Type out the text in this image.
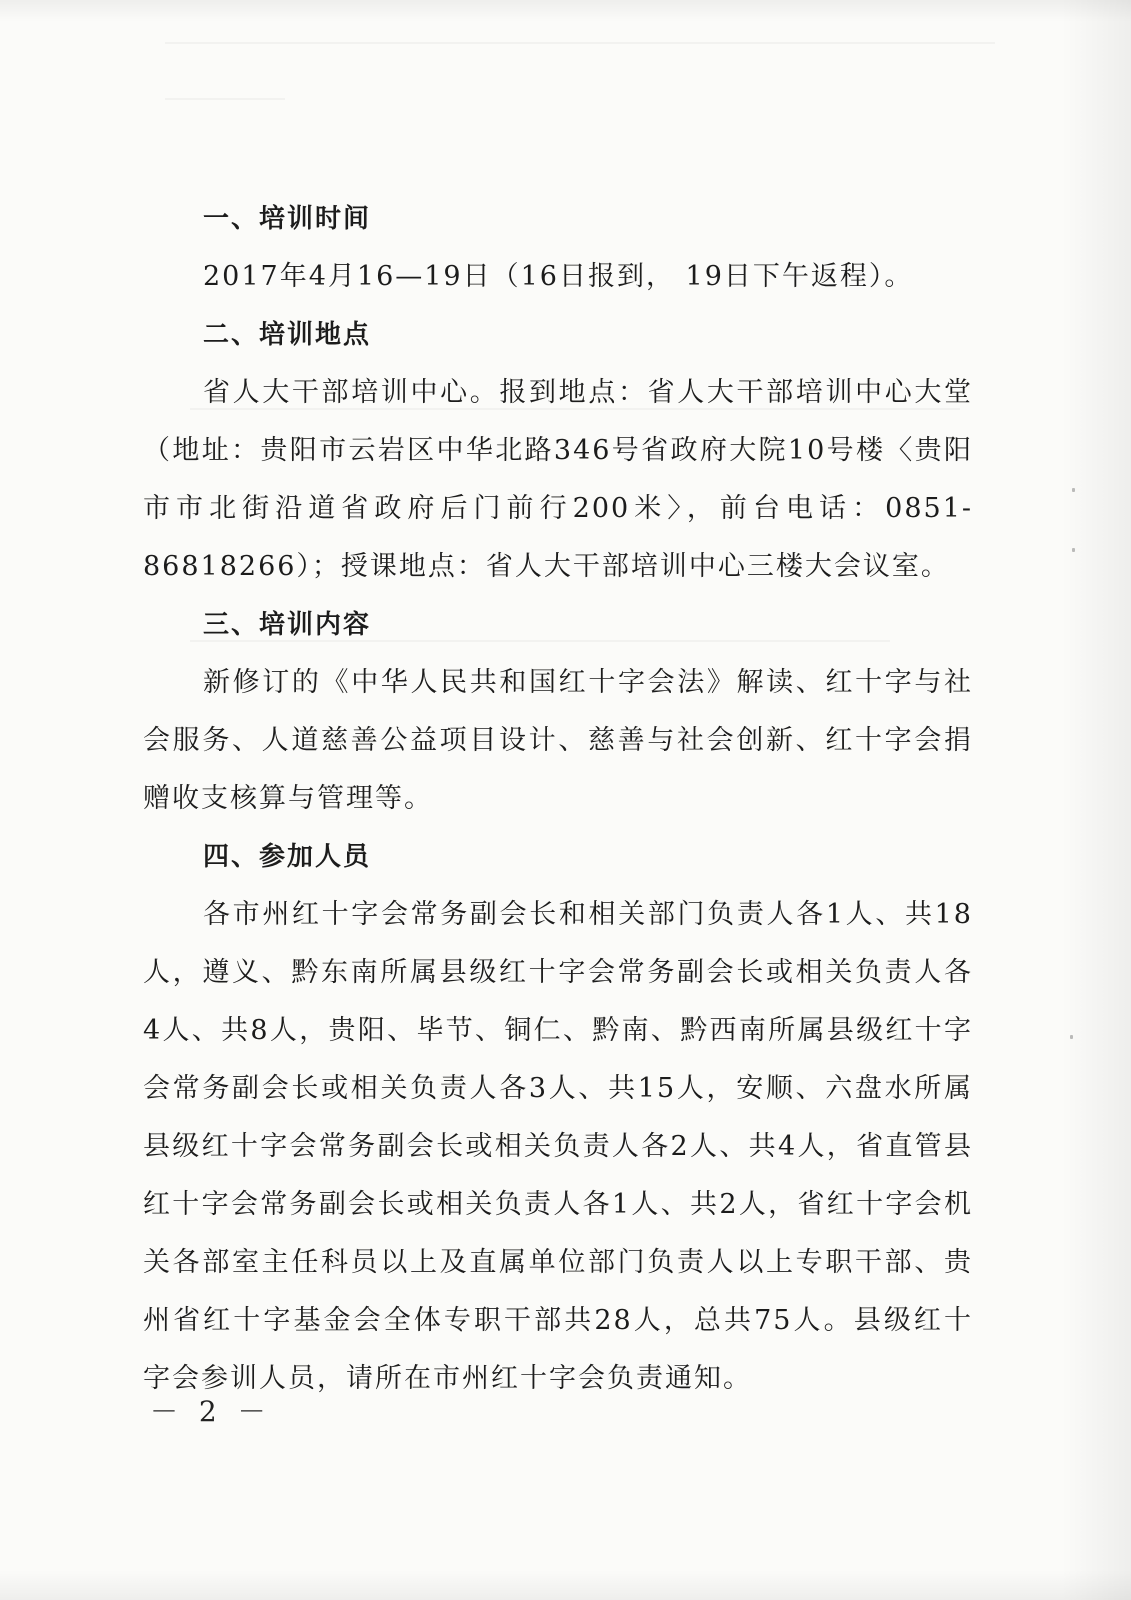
一、培训时间

2017年4月16—19日（16日报到， 19日下午返程）。

二、培训地点

省人大干部培训中心。报到地点：省人大干部培训中心大堂（地址：贵阳市云岩区中华北路346号省政府大院10号楼〈贵阳市市北街沿道省政府后门前行200米〉，前台电话：0851-86818266）；授课地点：省人大干部培训中心三楼大会议室。

三、培训内容

新修订的《中华人民共和国红十字会法》解读、红十字与社会服务、人道慈善公益项目设计、慈善与社会创新、红十字会捐赠收支核算与管理等。

四、参加人员

各市州红十字会常务副会长和相关部门负责人各1人、共18人，遵义、黔东南所属县级红十字会常务副会长或相关负责人各4人、共8人，贵阳、毕节、铜仁、黔南、黔西南所属县级红十字会常务副会长或相关负责人各3人、共15人，安顺、六盘水所属县级红十字会常务副会长或相关负责人各2人、共4人，省直管县红十字会常务副会长或相关负责人各1人、共2人，省红十字会机关各部室主任科员以上及直属单位部门负责人以上专职干部、贵州省红十字基金会全体专职干部共28人，总共75人。县级红十字会参训人员，请所在市州红十字会负责通知。

－ 2 －
